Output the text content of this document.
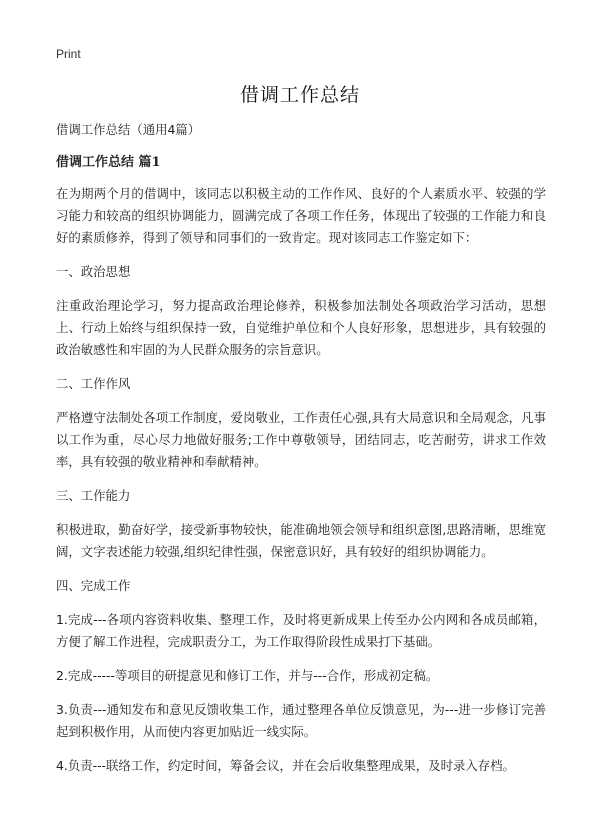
Print
借调工作总结

借调工作总结（通用4篇）

借调工作总结 篇1

在为期两个月的借调中，该同志以积极主动的工作作风、良好的个人素质水平、较强的学习能力和较高的组织协调能力，圆满完成了各项工作任务，体现出了较强的工作能力和良好的素质修养，得到了领导和同事们的一致肯定。现对该同志工作鉴定如下：

一、政治思想

注重政治理论学习，努力提高政治理论修养，积极参加法制处各项政治学习活动，思想上、行动上始终与组织保持一致，自觉维护单位和个人良好形象，思想进步，具有较强的政治敏感性和牢固的为人民群众服务的宗旨意识。

二、工作作风

严格遵守法制处各项工作制度，爱岗敬业，工作责任心强,具有大局意识和全局观念，凡事以工作为重，尽心尽力地做好服务;工作中尊敬领导，团结同志，吃苦耐劳，讲求工作效率，具有较强的敬业精神和奉献精神。

三、工作能力

积极进取，勤奋好学，接受新事物较快，能准确地领会领导和组织意图,思路清晰，思维宽阔，文字表述能力较强,组织纪律性强，保密意识好，具有较好的组织协调能力。

四、完成工作

1.完成---各项内容资料收集、整理工作，及时将更新成果上传至办公内网和各成员邮箱，方便了解工作进程，完成职责分工，为工作取得阶段性成果打下基础。

2.完成-----等项目的研提意见和修订工作，并与---合作，形成初定稿。

3.负责---通知发布和意见反馈收集工作，通过整理各单位反馈意见，为---进一步修订完善起到积极作用，从而使内容更加贴近一线实际。

4.负责---联络工作，约定时间，筹备会议，并在会后收集整理成果，及时录入存档。
